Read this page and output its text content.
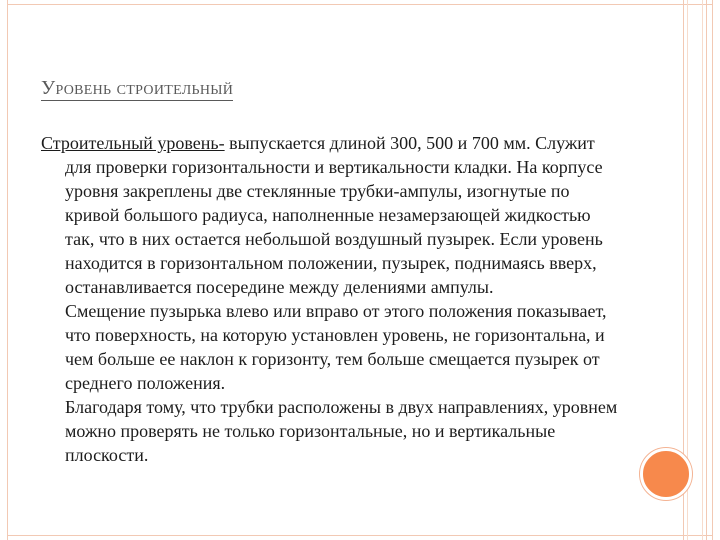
Уровень строительный

Строительный уровень- выпускается длиной 300, 500 и 700 мм. Служит для проверки горизонтальности и вертикальности кладки. На корпусе уровня закреплены две стеклянные трубки-ампулы, изогнутые по кривой большого радиуса, наполненные незамерзающей жидкостью так, что в них остается небольшой воздушный пузырек. Если уровень находится в горизонтальном положении, пузырек, поднимаясь вверх, останавливается посередине между делениями ампулы.

Смещение пузырька влево или вправо от этого положения показывает, что поверхность, на которую установлен уровень, не горизонтальна, и чем больше ее наклон к горизонту, тем больше смещается пузырек от среднего положения.

Благодаря тому, что трубки расположены в двух направлениях, уровнем можно проверять не только горизонтальные, но и вертикальные плоскости.
